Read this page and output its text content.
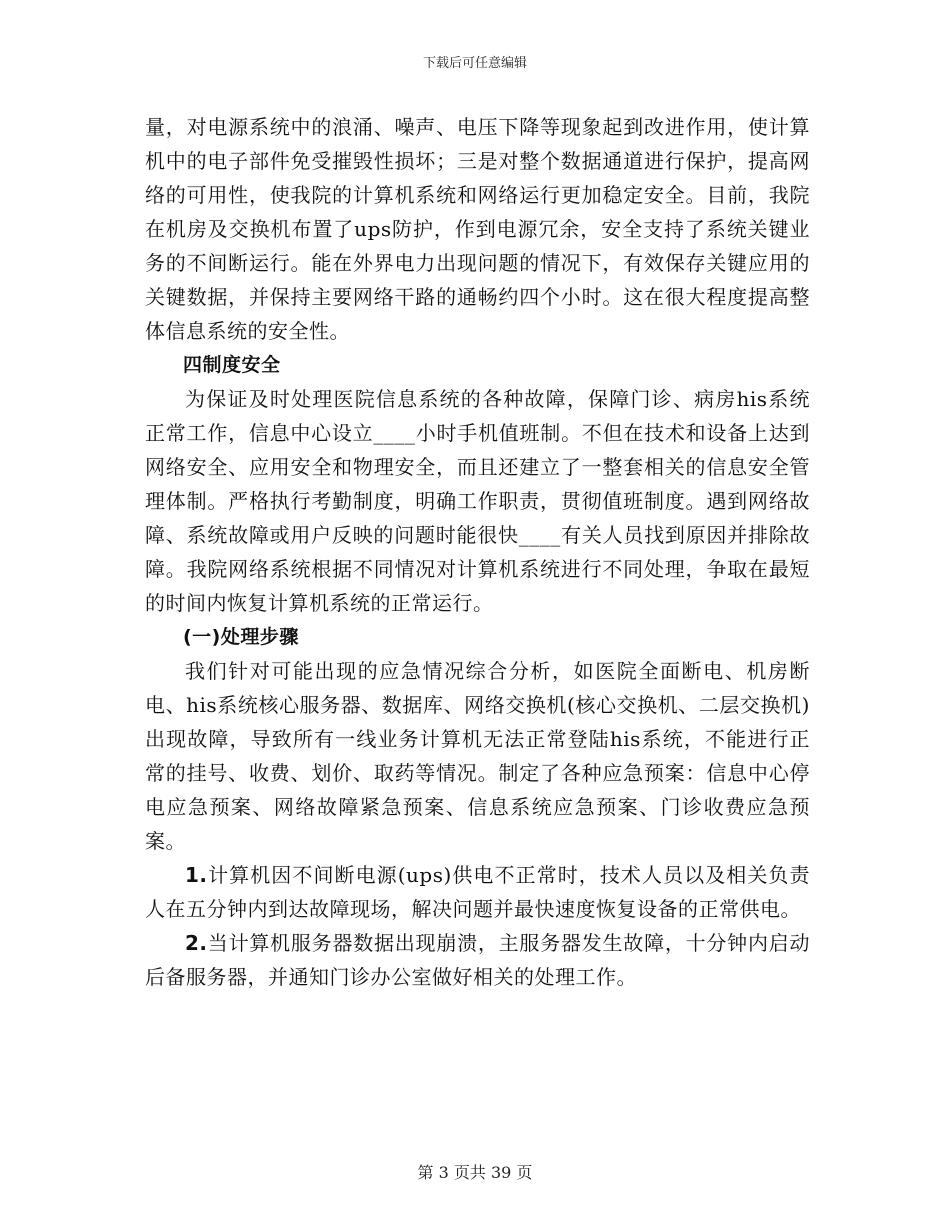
下载后可任意编辑

量，对电源系统中的浪涌、噪声、电压下降等现象起到改进作用，使计算机中的电子部件免受摧毁性损坏；三是对整个数据通道进行保护，提高网络的可用性，使我院的计算机系统和网络运行更加稳定安全。目前，我院在机房及交换机布置了ups防护，作到电源冗余，安全支持了系统关键业务的不间断运行。能在外界电力出现问题的情况下，有效保存关键应用的关键数据，并保持主要网络干路的通畅约四个小时。这在很大程度提高整体信息系统的安全性。

四制度安全

为保证及时处理医院信息系统的各种故障，保障门诊、病房his系统正常工作，信息中心设立____小时手机值班制。不但在技术和设备上达到网络安全、应用安全和物理安全，而且还建立了一整套相关的信息安全管理体制。严格执行考勤制度，明确工作职责，贯彻值班制度。遇到网络故障、系统故障或用户反映的问题时能很快____有关人员找到原因并排除故障。我院网络系统根据不同情况对计算机系统进行不同处理，争取在最短的时间内恢复计算机系统的正常运行。

(一)处理步骤

我们针对可能出现的应急情况综合分析，如医院全面断电、机房断电、his系统核心服务器、数据库、网络交换机(核心交换机、二层交换机)出现故障，导致所有一线业务计算机无法正常登陆his系统，不能进行正常的挂号、收费、划价、取药等情况。制定了各种应急预案：信息中心停电应急预案、网络故障紧急预案、信息系统应急预案、门诊收费应急预案。

1.计算机因不间断电源(ups)供电不正常时，技术人员以及相关负责人在五分钟内到达故障现场，解决问题并最快速度恢复设备的正常供电。

2.当计算机服务器数据出现崩溃，主服务器发生故障，十分钟内启动后备服务器，并通知门诊办公室做好相关的处理工作。

第 3 页共 39 页
